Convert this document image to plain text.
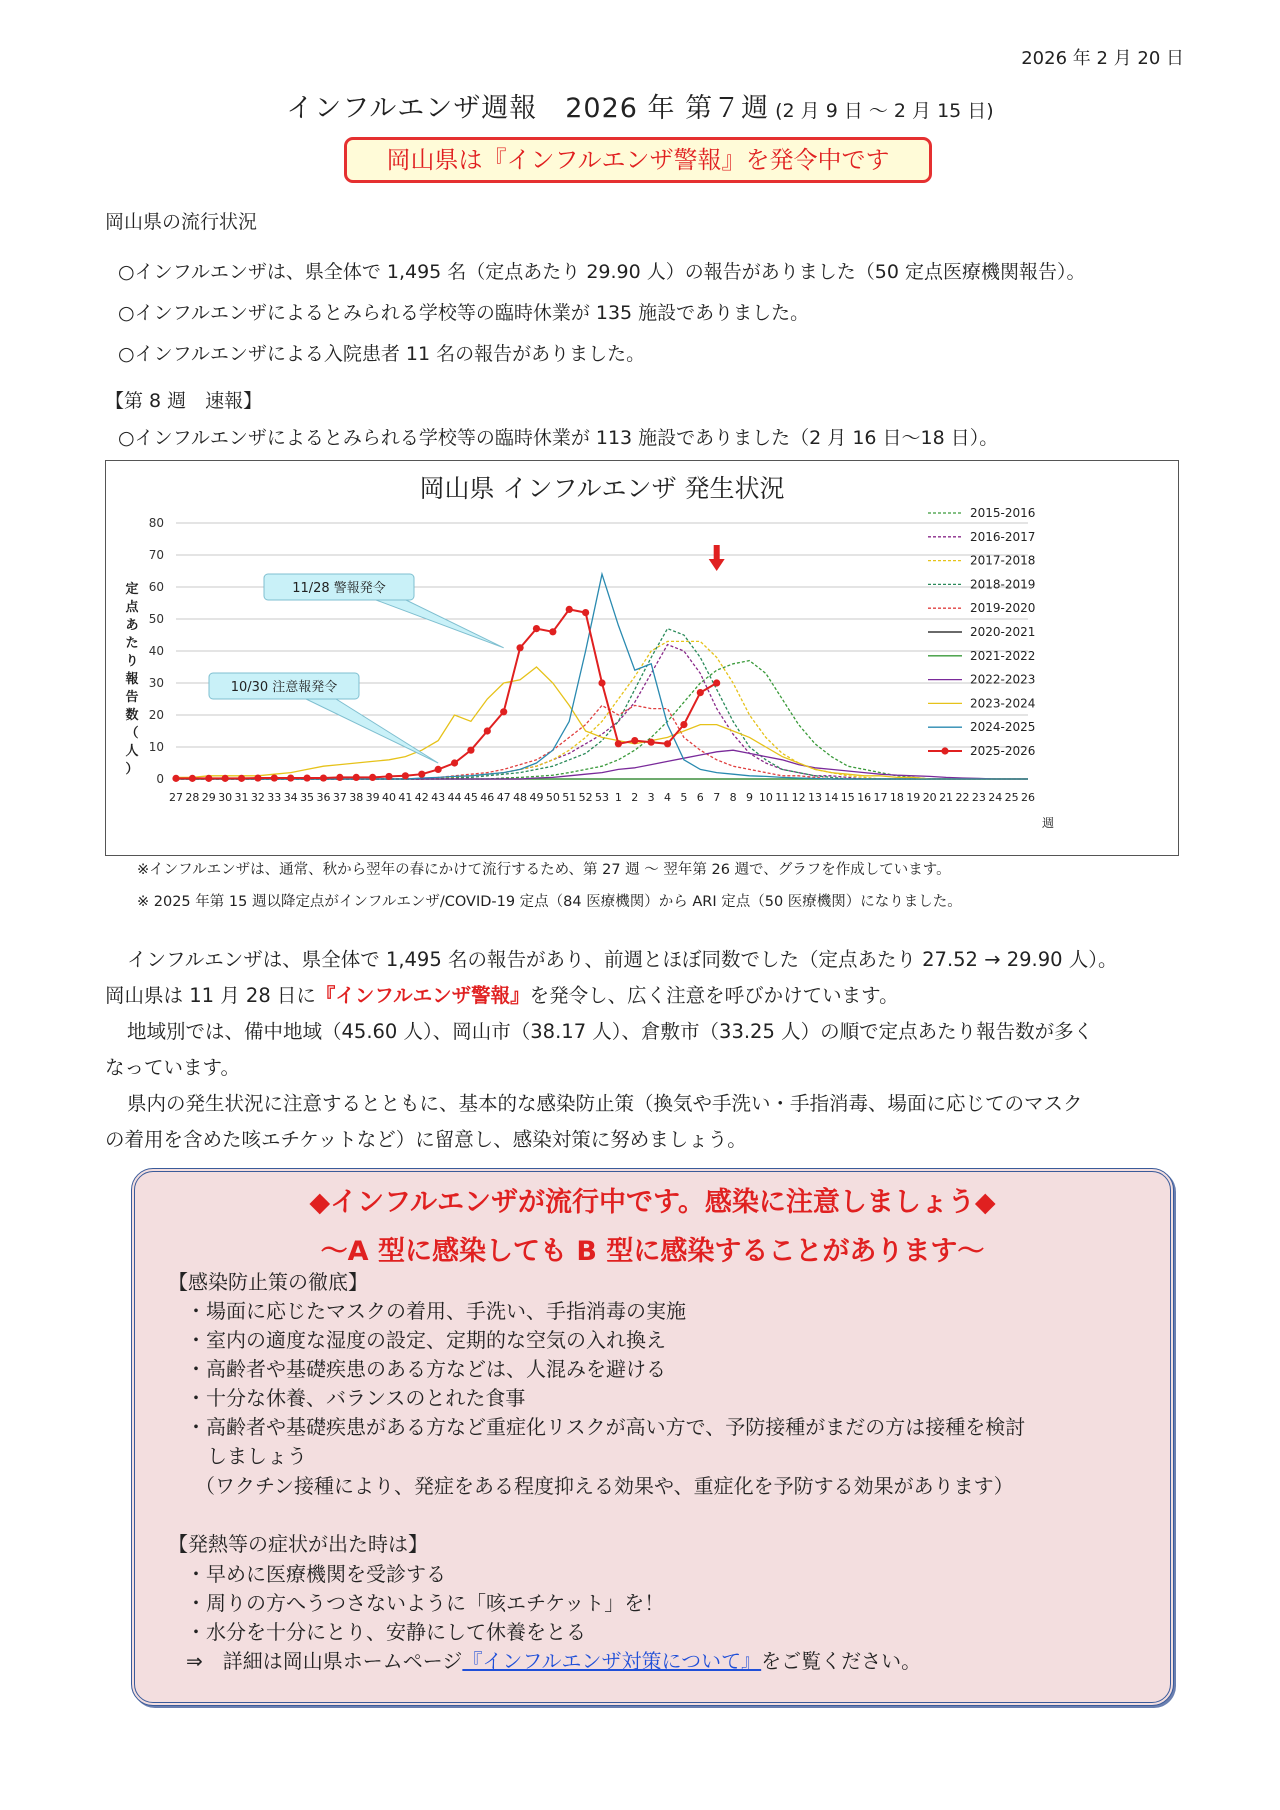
2026 年 2 月 20 日
インフルエンザ週報　2026 年 第７週 (2 月 9 日 〜 2 月 15 日)
岡山県は『インフルエンザ警報』を発令中です
岡山県の流行状況
○インフルエンザは、県全体で 1,495 名（定点あたり 29.90 人）の報告がありました（50 定点医療機関報告）。
○インフルエンザによるとみられる学校等の臨時休業が 135 施設でありました。
○インフルエンザによる入院患者 11 名の報告がありました。
【第 8 週　速報】
○インフルエンザによるとみられる学校等の臨時休業が 113 施設でありました（2 月 16 日〜18 日）。
岡山県 インフルエンザ 発生状況
0
10
20
30
40
50
60
70
80
27 28 29 30 31 32 33 34 35 36 37 38 39 40 41 42 43 44 45 46 47 48 49 50 51 52 53 1 2 3 4 5 6 7 8 9 10 11 12 13 14 15 16 17 18 19 20 21 22 23 24 25 26
週
定
点
あ
た
り
報
告
数
（
人
）
11/28 警報発令
10/30 注意報発令
2015-2016
2016-2017
2017-2018
2018-2019
2019-2020
2020-2021
2021-2022
2022-2023
2023-2024
2024-2025
2025-2026
※インフルエンザは、通常、秋から翌年の春にかけて流行するため、第 27 週 〜 翌年第 26 週で、グラフを作成しています。
※ 2025 年第 15 週以降定点がインフルエンザ/COVID-19 定点（84 医療機関）から ARI 定点（50 医療機関）になりました。

インフルエンザは、県全体で 1,495 名の報告があり、前週とほぼ同数でした（定点あたり 27.52 → 29.90 人）。

岡山県は 11 月 28 日に『インフルエンザ警報』を発令し、広く注意を呼びかけています。

地域別では、備中地域（45.60 人）、岡山市（38.17 人）、倉敷市（33.25 人）の順で定点あたり報告数が多く

なっています。

県内の発生状況に注意するとともに、基本的な感染防止策（換気や手洗い・手指消毒、場面に応じてのマスク

の着用を含めた咳エチケットなど）に留意し、感染対策に努めましょう。

◆インフルエンザが流行中です。感染に注意しましょう◆
〜A 型に感染しても B 型に感染することがあります〜
【感染防止策の徹底】
・場面に応じたマスクの着用、手洗い、手指消毒の実施
・室内の適度な湿度の設定、定期的な空気の入れ換え
・高齢者や基礎疾患のある方などは、人混みを避ける
・十分な休養、バランスのとれた食事
・高齢者や基礎疾患がある方など重症化リスクが高い方で、予防接種がまだの方は接種を検討
しましょう
（ワクチン接種により、発症をある程度抑える効果や、重症化を予防する効果があります）
【発熱等の症状が出た時は】
・早めに医療機関を受診する
・周りの方へうつさないように「咳エチケット」を！
・水分を十分にとり、安静にして休養をとる
⇒　詳細は岡山県ホームページ『インフルエンザ対策について』をご覧ください。
